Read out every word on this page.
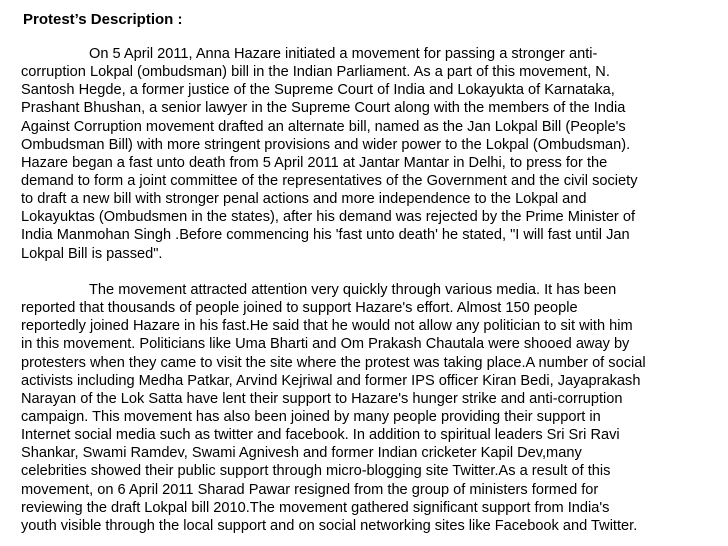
Protest’s Description :
On 5 April 2011, Anna Hazare initiated a movement for passing a stronger anti-
corruption Lokpal (ombudsman) bill in the Indian Parliament. As a part of this movement, N.
Santosh Hegde, a former justice of the Supreme Court of India and Lokayukta of Karnataka,
Prashant Bhushan, a senior lawyer in the Supreme Court along with the members of the India
Against Corruption movement drafted an alternate bill, named as the Jan Lokpal Bill (People's
Ombudsman Bill) with more stringent provisions and wider power to the Lokpal (Ombudsman).
Hazare began a fast unto death from 5 April 2011 at Jantar Mantar in Delhi, to press for the
demand to form a joint committee of the representatives of the Government and the civil society
to draft a new bill with stronger penal actions and more independence to the Lokpal and
Lokayuktas (Ombudsmen in the states), after his demand was rejected by the Prime Minister of
India Manmohan Singh .Before commencing his 'fast unto death' he stated, "I will fast until Jan
Lokpal Bill is passed".
The movement attracted attention very quickly through various media. It has been
reported that thousands of people joined to support Hazare's effort. Almost 150 people
reportedly joined Hazare in his fast.He said that he would not allow any politician to sit with him
in this movement. Politicians like Uma Bharti and Om Prakash Chautala were shooed away by
protesters when they came to visit the site where the protest was taking place.A number of social
activists including Medha Patkar, Arvind Kejriwal and former IPS officer Kiran Bedi, Jayaprakash
Narayan of the Lok Satta have lent their support to Hazare's hunger strike and anti-corruption
campaign. This movement has also been joined by many people providing their support in
Internet social media such as twitter and facebook. In addition to spiritual leaders Sri Sri Ravi
Shankar, Swami Ramdev, Swami Agnivesh and former Indian cricketer Kapil Dev,many
celebrities showed their public support through micro-blogging site Twitter.As a result of this
movement, on 6 April 2011 Sharad Pawar resigned from the group of ministers formed for
reviewing the draft Lokpal bill 2010.The movement gathered significant support from India's
youth visible through the local support and on social networking sites like Facebook and Twitter.
